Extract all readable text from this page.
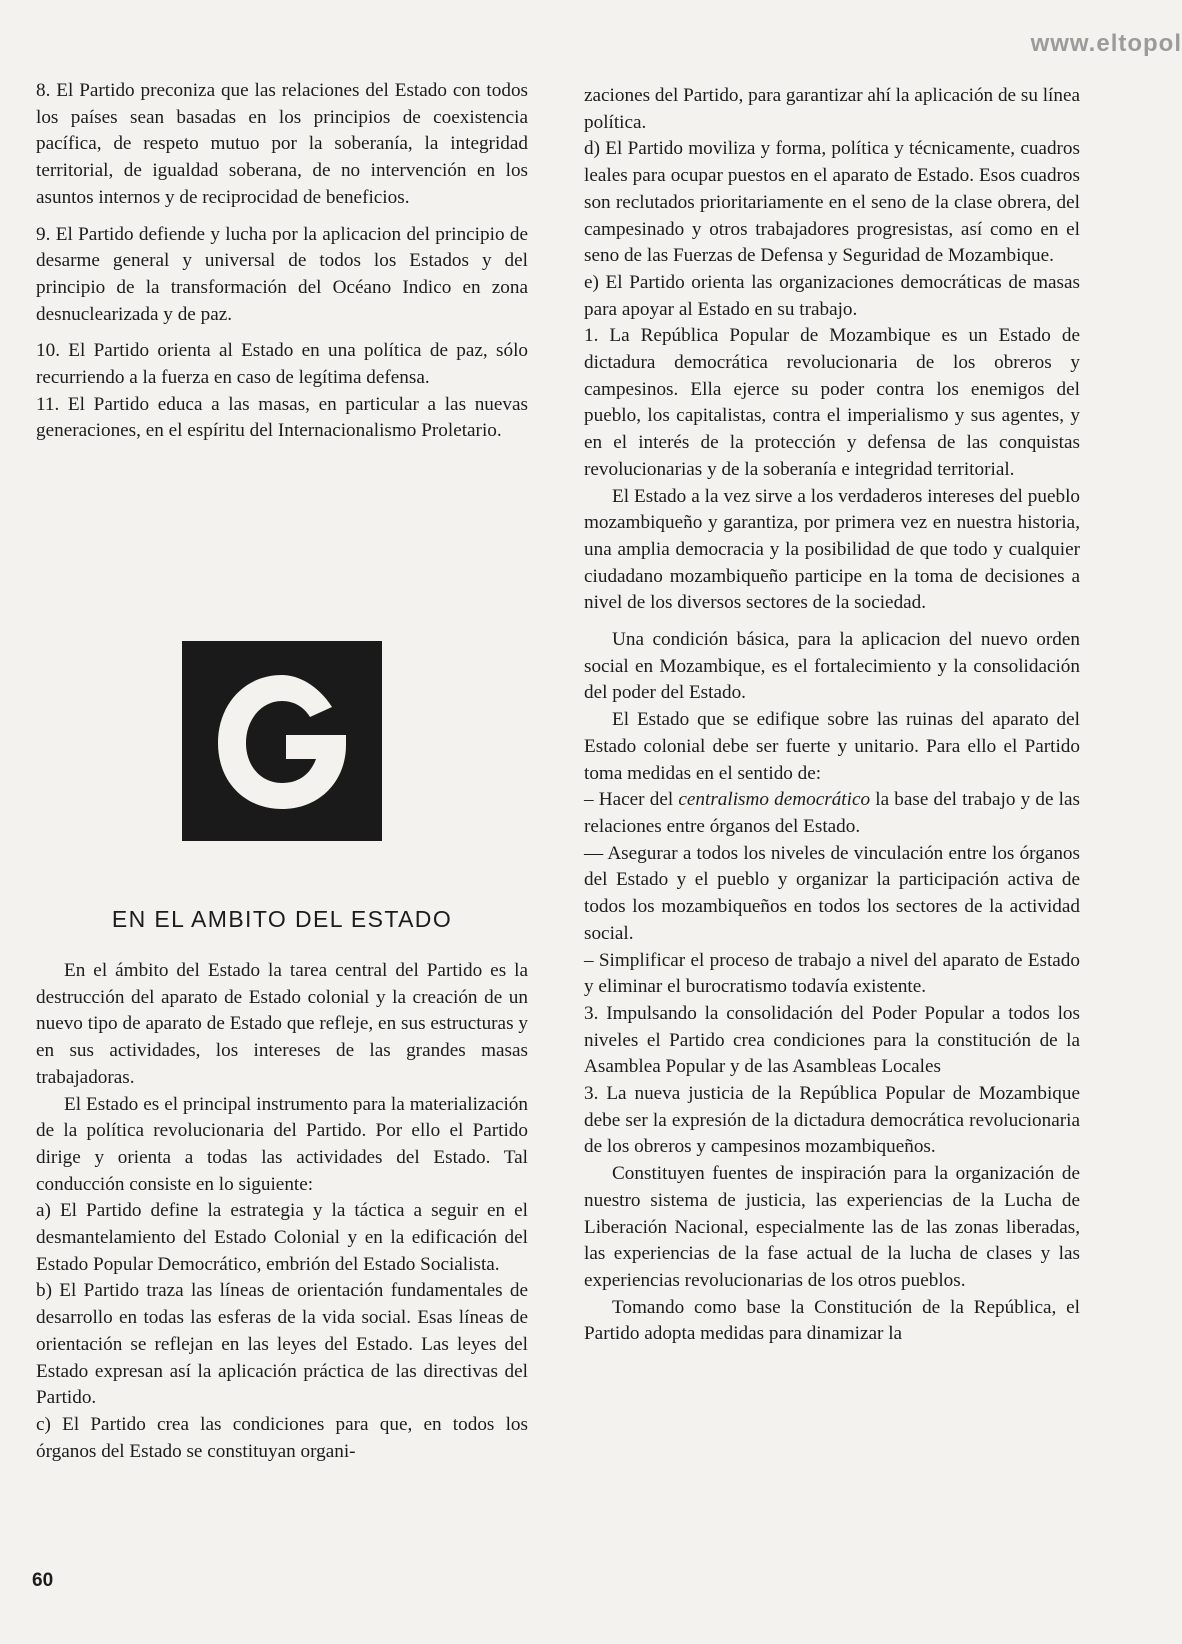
www.eltopol

8. El Partido preconiza que las relaciones del Estado con todos los países sean basadas en los principios de coexistencia pacífica, de respeto mutuo por la soberanía, la integridad territorial, de igualdad soberana, de no intervención en los asuntos internos y de reciprocidad de beneficios.

9. El Partido defiende y lucha por la aplicacion del principio de desarme general y universal de todos los Estados y del principio de la transformación del Océano Indico en zona desnuclearizada y de paz.

10. El Partido orienta al Estado en una política de paz, sólo recurriendo a la fuerza en caso de legítima defensa.

11. El Partido educa a las masas, en particular a las nuevas generaciones, en el espíritu del Internacionalismo Proletario.

EN EL AMBITO DEL ESTADO

En el ámbito del Estado la tarea central del Partido es la destrucción del aparato de Estado colonial y la creación de un nuevo tipo de aparato de Estado que refleje, en sus estructuras y en sus actividades, los intereses de las grandes masas trabajadoras.

El Estado es el principal instrumento para la materialización de la política revolucionaria del Partido. Por ello el Partido dirige y orienta a todas las actividades del Estado. Tal conducción consiste en lo siguiente:

a) El Partido define la estrategia y la táctica a seguir en el desmantelamiento del Estado Colonial y en la edificación del Estado Popular Democrático, embrión del Estado Socialista.

b) El Partido traza las líneas de orientación fundamentales de desarrollo en todas las esferas de la vida social. Esas líneas de orientación se reflejan en las leyes del Estado. Las leyes del Estado expresan así la aplicación práctica de las directivas del Partido.

c) El Partido crea las condiciones para que, en todos los órganos del Estado se constituyan organi-

zaciones del Partido, para garantizar ahí la aplicación de su línea política.

d) El Partido moviliza y forma, política y técnicamente, cuadros leales para ocupar puestos en el aparato de Estado. Esos cuadros son reclutados prioritariamente en el seno de la clase obrera, del campesinado y otros trabajadores progresistas, así como en el seno de las Fuerzas de Defensa y Seguridad de Mozambique.

e) El Partido orienta las organizaciones democráticas de masas para apoyar al Estado en su trabajo.

1. La República Popular de Mozambique es un Estado de dictadura democrática revolucionaria de los obreros y campesinos. Ella ejerce su poder contra los enemigos del pueblo, los capitalistas, contra el imperialismo y sus agentes, y en el interés de la protección y defensa de las conquistas revolucionarias y de la soberanía e integridad territorial.

El Estado a la vez sirve a los verdaderos intereses del pueblo mozambiqueño y garantiza, por primera vez en nuestra historia, una amplia democracia y la posibilidad de que todo y cualquier ciudadano mozambiqueño participe en la toma de decisiones a nivel de los diversos sectores de la sociedad.

Una condición básica, para la aplicacion del nuevo orden social en Mozambique, es el fortalecimiento y la consolidación del poder del Estado.

El Estado que se edifique sobre las ruinas del aparato del Estado colonial debe ser fuerte y unitario. Para ello el Partido toma medidas en el sentido de:

– Hacer del centralismo democrático la base del trabajo y de las relaciones entre órganos del Estado.

— Asegurar a todos los niveles de vinculación entre los órganos del Estado y el pueblo y organizar la participación activa de todos los mozambiqueños en todos los sectores de la actividad social.

– Simplificar el proceso de trabajo a nivel del aparato de Estado y eliminar el burocratismo todavía existente.

3. Impulsando la consolidación del Poder Popular a todos los niveles el Partido crea condiciones para la constitución de la Asamblea Popular y de las Asambleas Locales

3. La nueva justicia de la República Popular de Mozambique debe ser la expresión de la dictadura democrática revolucionaria de los obreros y campesinos mozambiqueños.

Constituyen fuentes de inspiración para la organización de nuestro sistema de justicia, las experiencias de la Lucha de Liberación Nacional, especialmente las de las zonas liberadas, las experiencias de la fase actual de la lucha de clases y las experiencias revolucionarias de los otros pueblos.

Tomando como base la Constitución de la República, el Partido adopta medidas para dinamizar la

60
